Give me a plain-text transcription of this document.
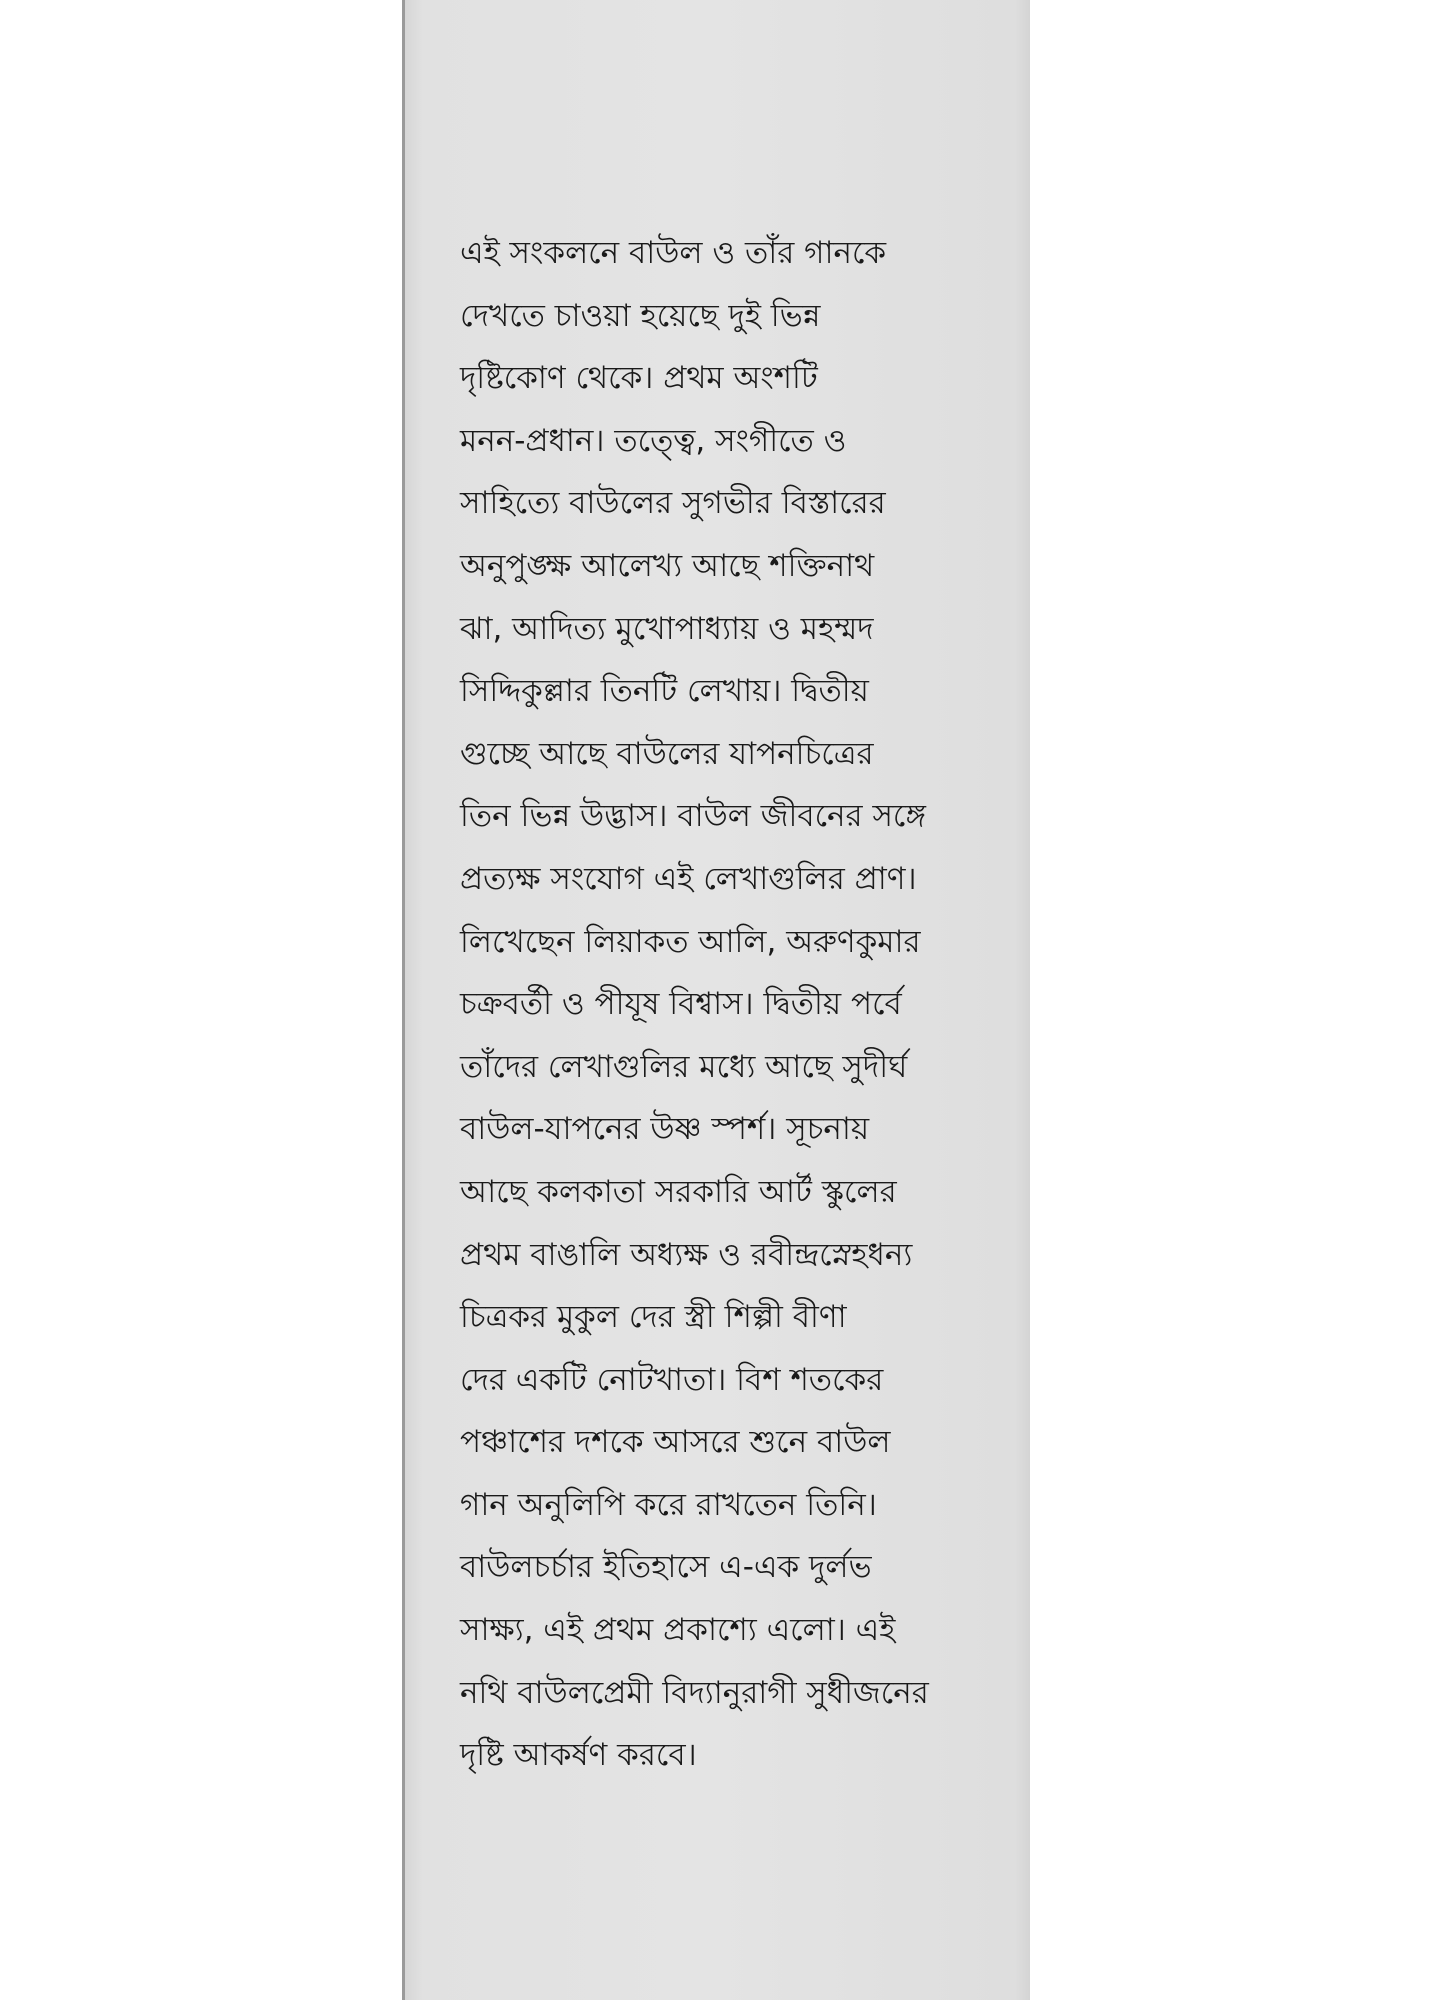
এই সংকলনে বাউল ও তাঁর গানকে
দেখতে চাওয়া হয়েছে দুই ভিন্ন
দৃষ্টিকোণ থেকে। প্রথম অংশটি
মনন-প্রধান। তত্ত্বে, সংগীতে ও
সাহিত্যে বাউলের সুগভীর বিস্তারের
অনুপুঙ্ক্ষ আলেখ্য আছে শক্তিনাথ
ঝা, আদিত্য মুখোপাধ্যায় ও মহম্মদ
সিদ্দিকুল্লার তিনটি লেখায়। দ্বিতীয়
গুচ্ছে আছে বাউলের যাপনচিত্রের
তিন ভিন্ন উদ্ভাস। বাউল জীবনের সঙ্গে
প্রত্যক্ষ সংযোগ এই লেখাগুলির প্রাণ।
লিখেছেন লিয়াকত আলি, অরুণকুমার
চক্রবর্তী ও পীযূষ বিশ্বাস। দ্বিতীয় পর্বে
তাঁদের লেখাগুলির মধ্যে আছে সুদীর্ঘ
বাউল-যাপনের উষ্ণ স্পর্শ। সূচনায়
আছে কলকাতা সরকারি আর্ট স্কুলের
প্রথম বাঙালি অধ্যক্ষ ও রবীন্দ্রস্নেহধন্য
চিত্রকর মুকুল দের স্ত্রী শিল্পী বীণা
দের একটি নোটখাতা। বিশ শতকের
পঞ্চাশের দশকে আসরে শুনে বাউল
গান অনুলিপি করে রাখতেন তিনি।
বাউলচর্চার ইতিহাসে এ-এক দুর্লভ
সাক্ষ্য, এই প্রথম প্রকাশ্যে এলো। এই
নথি বাউলপ্রেমী বিদ্যানুরাগী সুধীজনের
দৃষ্টি আকর্ষণ করবে।
